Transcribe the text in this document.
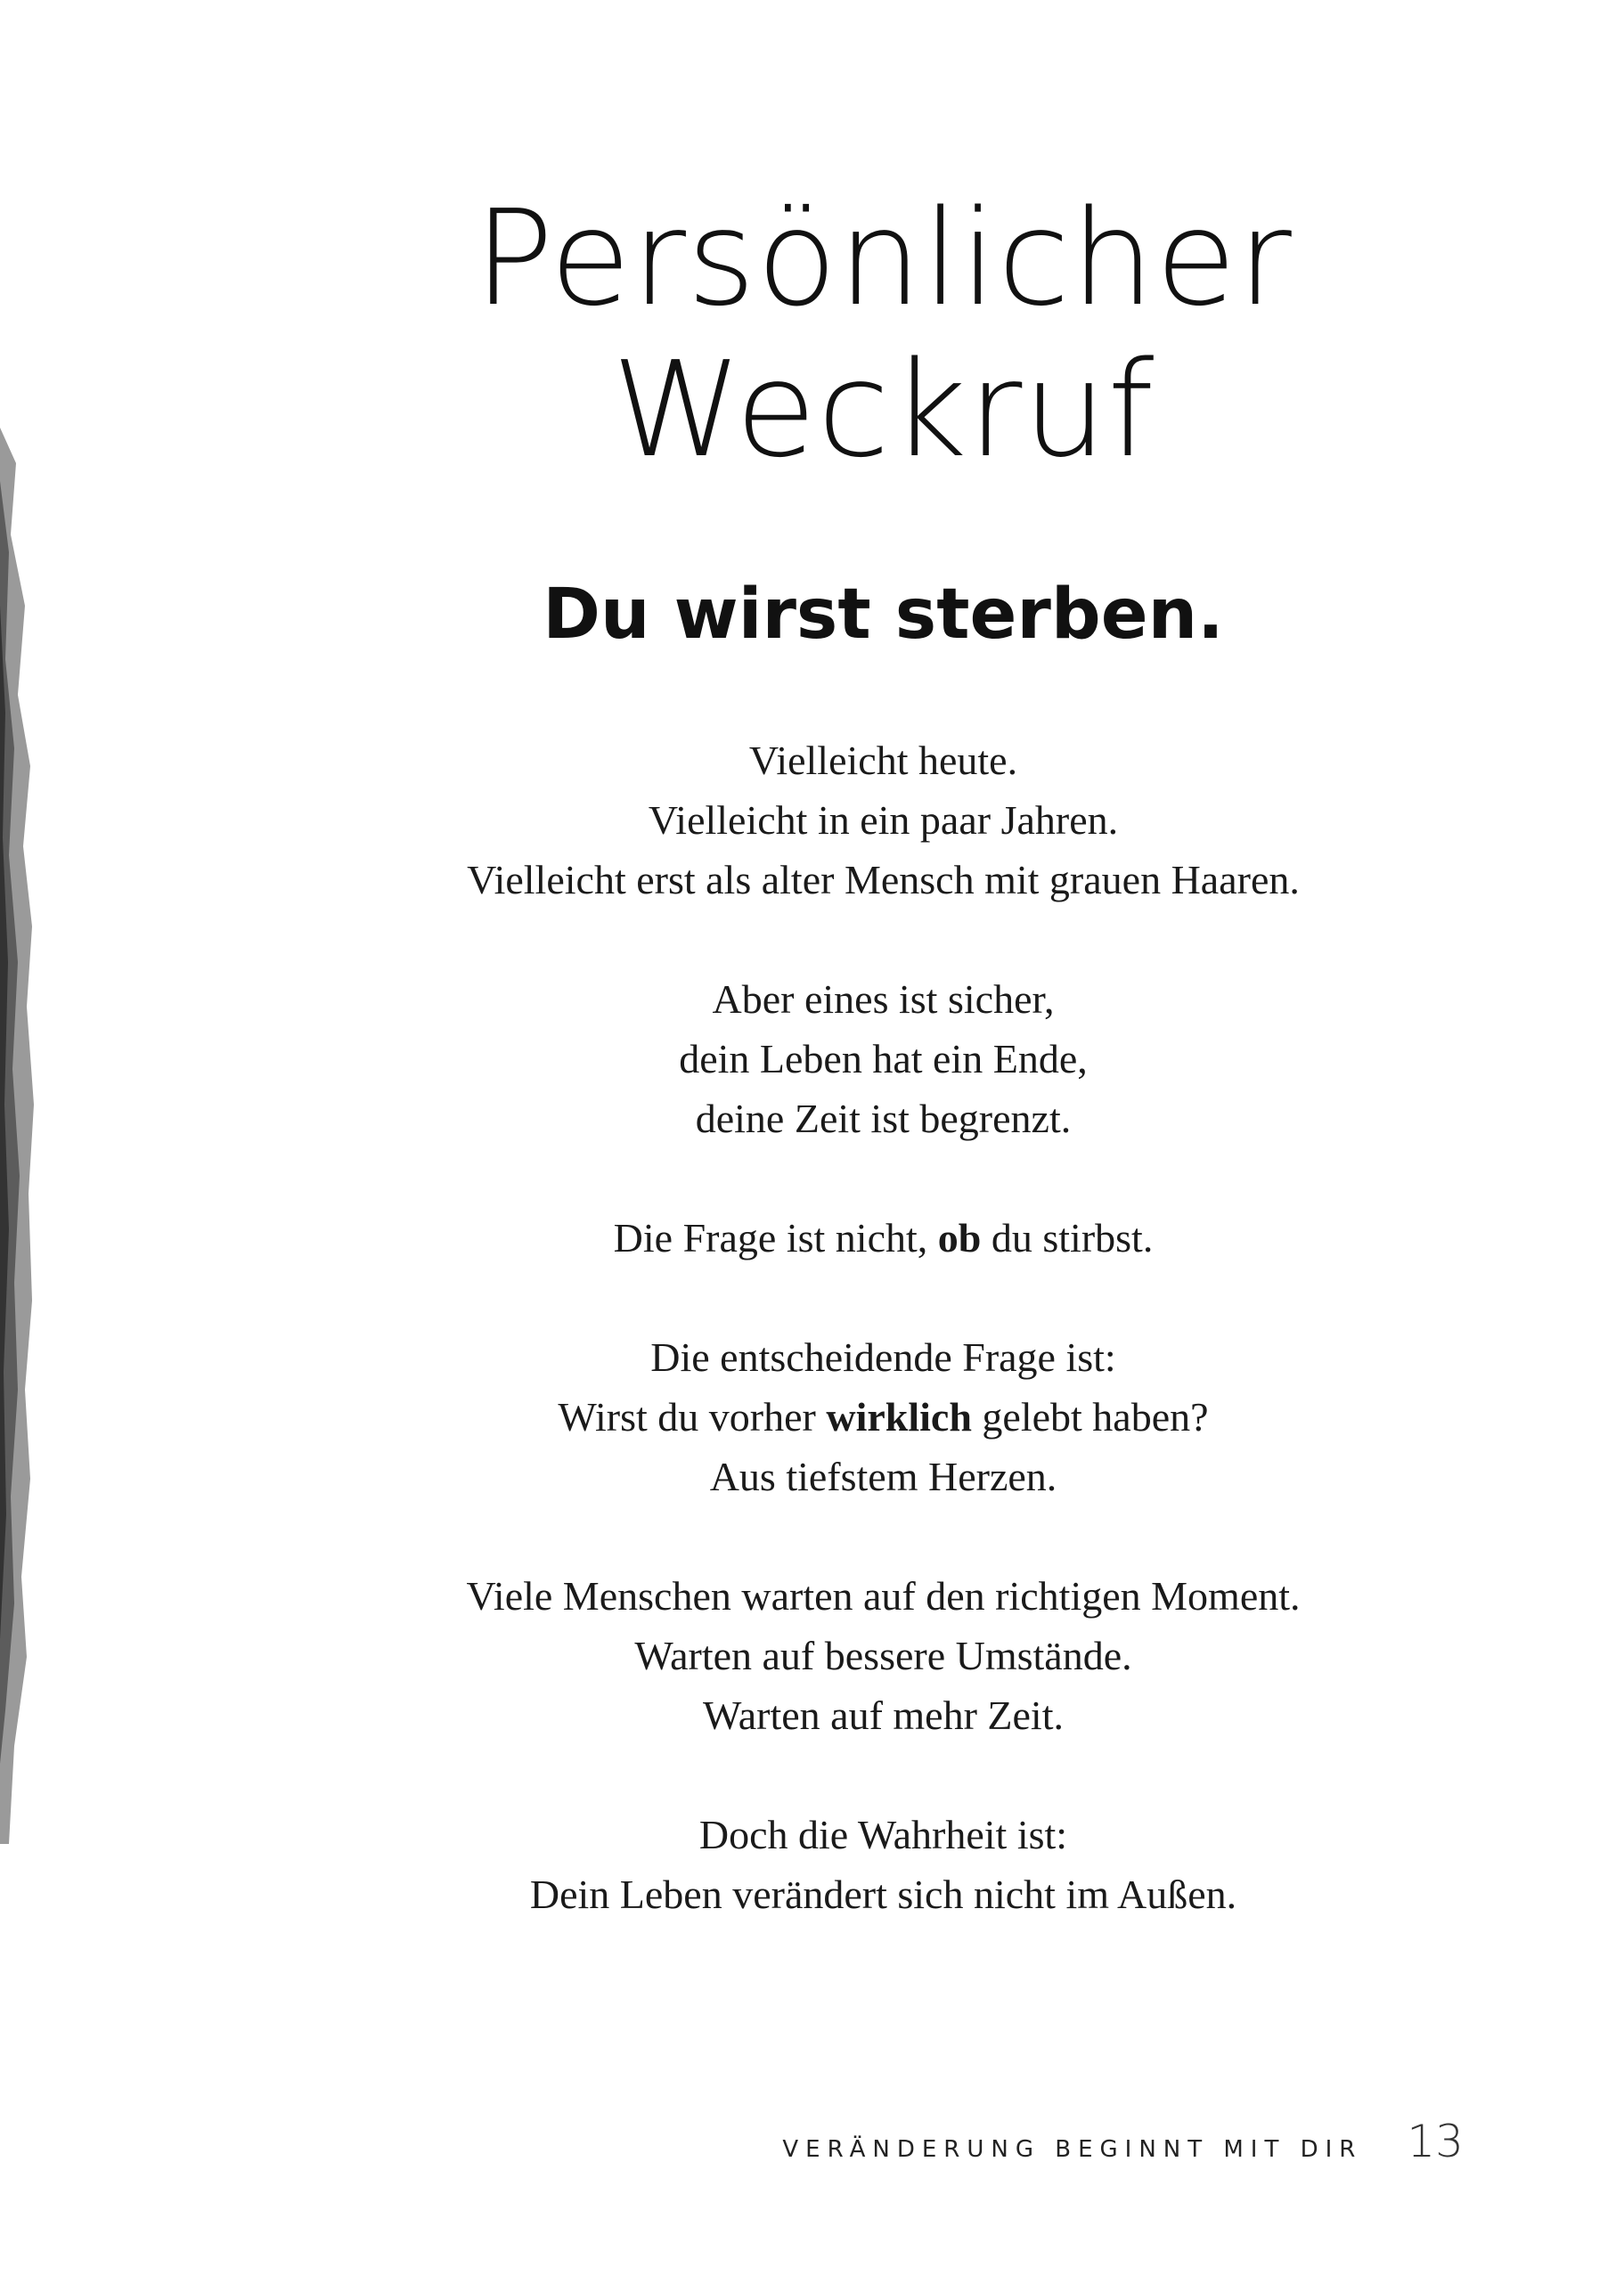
Persönlicher
Weckruf
Du wirst sterben.

Vielleicht heute.
Vielleicht in ein paar Jahren.
Vielleicht erst als alter Mensch mit grauen Haaren.

Aber eines ist sicher,
dein Leben hat ein Ende,
deine Zeit ist begrenzt.

Die Frage ist nicht, ob du stirbst.

Die entscheidende Frage ist:
Wirst du vorher wirklich gelebt haben?
Aus tiefstem Herzen.

Viele Menschen warten auf den richtigen Moment.
Warten auf bessere Umstände.
Warten auf mehr Zeit.

Doch die Wahrheit ist:
Dein Leben verändert sich nicht im Außen.

VERÄNDERUNG BEGINNT MIT DIR 13
